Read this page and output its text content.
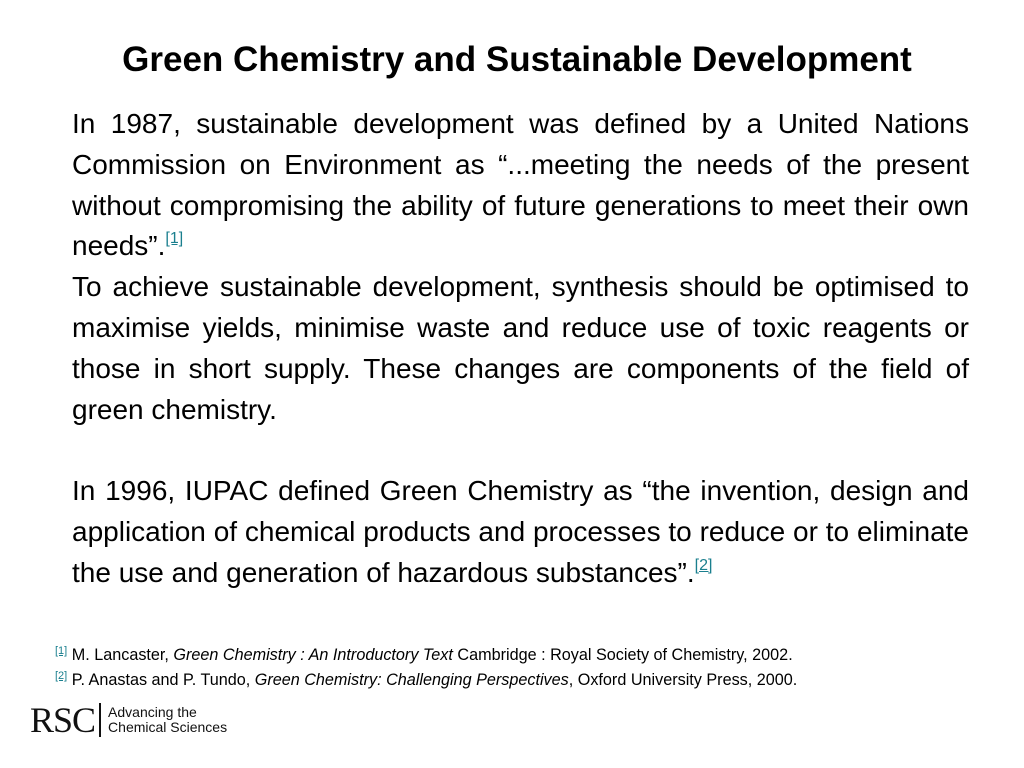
Green Chemistry and Sustainable Development

In 1987, sustainable development was defined by a United Nations Commission on Environment as “...meeting the needs of the present without compromising the ability of future generations to meet their own needs”.[1]

To achieve sustainable development, synthesis should be optimised to maximise yields, minimise waste and reduce use of toxic reagents or those in short supply. These changes are components of the field of green chemistry.

In 1996, IUPAC defined Green Chemistry as “the invention, design and application of chemical products and processes to reduce or to eliminate the use and generation of hazardous substances”.[2]

[1] M. Lancaster, Green Chemistry : An Introductory Text Cambridge : Royal Society of Chemistry, 2002.
[2] P. Anastas and P. Tundo, Green Chemistry: Challenging Perspectives, Oxford University Press, 2000.
RSC Advancing the
Chemical Sciences
